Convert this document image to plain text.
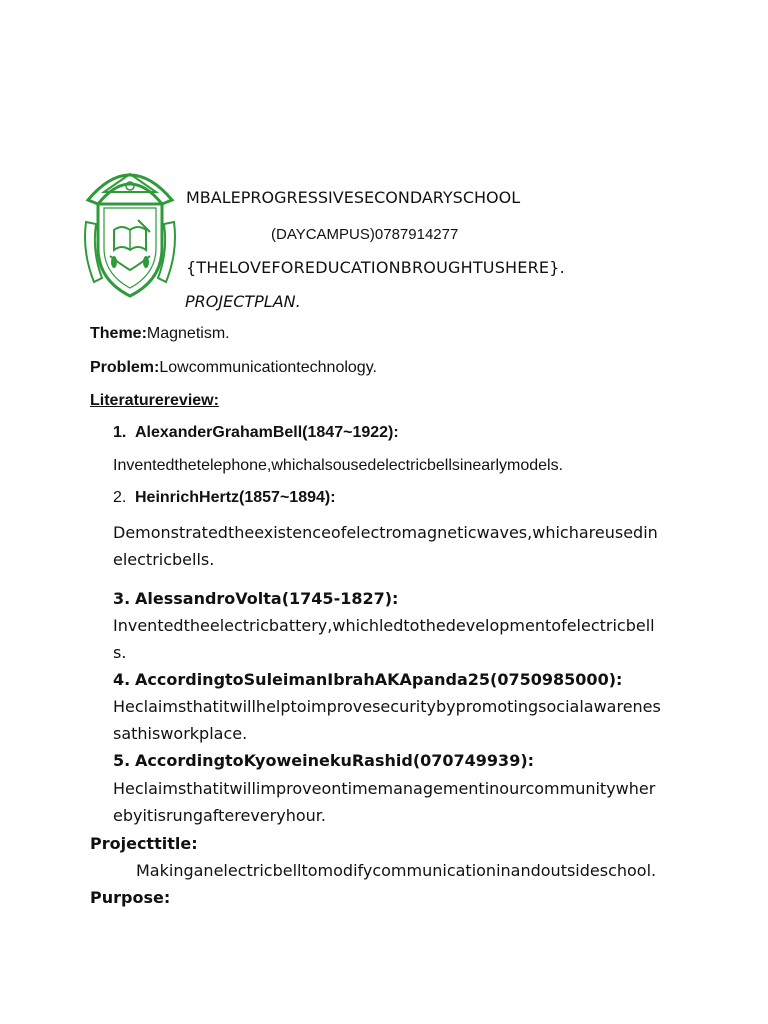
MBALEPROGRESSIVESECONDARYSCHOOL
(DAYCAMPUS)0787914277
{THELOVEFOREDUCATIONBROUGHTUSHERE}.
PROJECTPLAN.
Theme:Magnetism.
Problem:Lowcommunicationtechnology.
Literaturereview:
1. AlexanderGrahamBell(1847~1922):
Inventedthetelephone,whichalsousedelectricbellsinearlymodels.
2. HeinrichHertz(1857~1894):
Demonstratedtheexistenceofelectromagneticwaves,whichareusedin
electricbells.
3. AlessandroVolta(1745-1827):
Inventedtheelectricbattery,whichledtothedevelopmentofelectricbell
s.
4. AccordingtoSuleimanIbrahAKApanda25(0750985000):
Heclaimsthatitwillhelptoimprovesecuritybypromotingsocialawarenes
sathisworkplace.
5. AccordingtoKyoweinekuRashid(070749939):
Heclaimsthatitwillimproveontimemanagementinourcommunitywher
ebyitisrungaftereveryhour.
Projecttitle:
Makinganelectricbelltomodifycommunicationinandoutsideschool.
Purpose:
